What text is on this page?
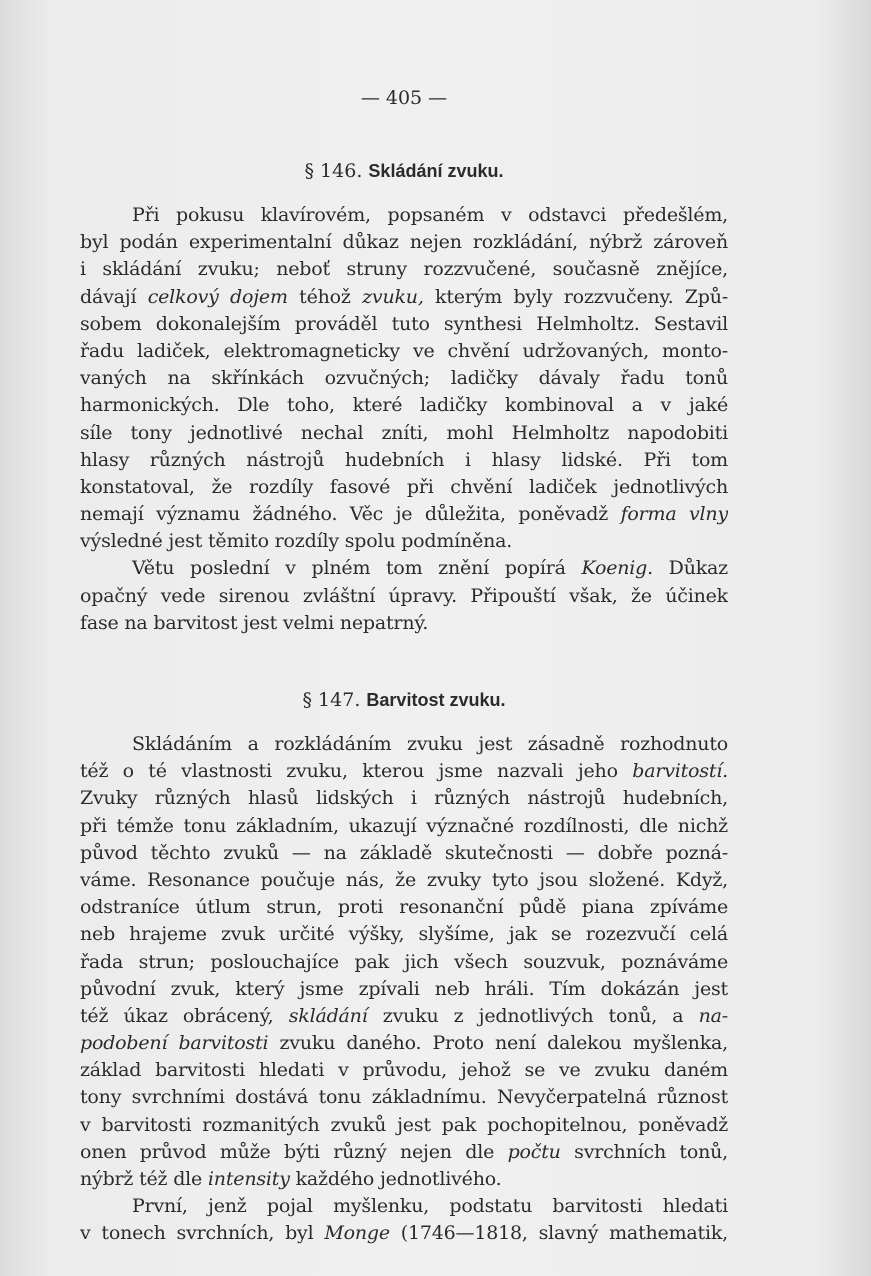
— 405 —
§ 146. Skládání zvuku.
Při pokusu klavírovém, popsaném v odstavci předešlém,
byl podán experimentalní důkaz nejen rozkládání, nýbrž zároveň
i skládání zvuku; neboť struny rozzvučené, současně znějíce,
dávají celkový dojem téhož zvuku, kterým byly rozzvučeny. Způ-
sobem dokonalejším prováděl tuto synthesi Helmholtz. Sestavil
řadu ladiček, elektromagneticky ve chvění udržovaných, monto-
vaných na skřínkách ozvučných; ladičky dávaly řadu tonů
harmonických. Dle toho, které ladičky kombinoval a v jaké
síle tony jednotlivé nechal zníti, mohl Helmholtz napodobiti
hlasy různých nástrojů hudebních i hlasy lidské. Při tom
konstatoval, že rozdíly fasové při chvění ladiček jednotlivých
nemají významu žádného. Věc je důležita, poněvadž forma vlny
výsledné jest těmito rozdíly spolu podmíněna.
Větu poslední v plném tom znění popírá Koenig. Důkaz
opačný vede sirenou zvláštní úpravy. Připouští však, že účinek
fase na barvitost jest velmi nepatrný.
§ 147. Barvitost zvuku.
Skládáním a rozkládáním zvuku jest zásadně rozhodnuto
též o té vlastnosti zvuku, kterou jsme nazvali jeho barvitostí.
Zvuky různých hlasů lidských i různých nástrojů hudebních,
při témže tonu základním, ukazují význačné rozdílnosti, dle nichž
původ těchto zvuků — na základě skutečnosti — dobře pozná-
váme. Resonance poučuje nás, že zvuky tyto jsou složené. Když,
odstraníce útlum strun, proti resonanční půdě piana zpíváme
neb hrajeme zvuk určité výšky, slyšíme, jak se rozezvučí celá
řada strun; poslouchajíce pak jich všech souzvuk, poznáváme
původní zvuk, který jsme zpívali neb hráli. Tím dokázán jest
též úkaz obrácený, skládání zvuku z jednotlivých tonů, a na-
podobení barvitosti zvuku daného. Proto není dalekou myšlenka,
základ barvitosti hledati v průvodu, jehož se ve zvuku daném
tony svrchními dostává tonu základnímu. Nevyčerpatelná různost
v barvitosti rozmanitých zvuků jest pak pochopitelnou, poněvadž
onen průvod může býti různý nejen dle počtu svrchních tonů,
nýbrž též dle intensity každého jednotlivého.
První, jenž pojal myšlenku, podstatu barvitosti hledati
v tonech svrchních, byl Monge (1746—1818, slavný mathematik,
